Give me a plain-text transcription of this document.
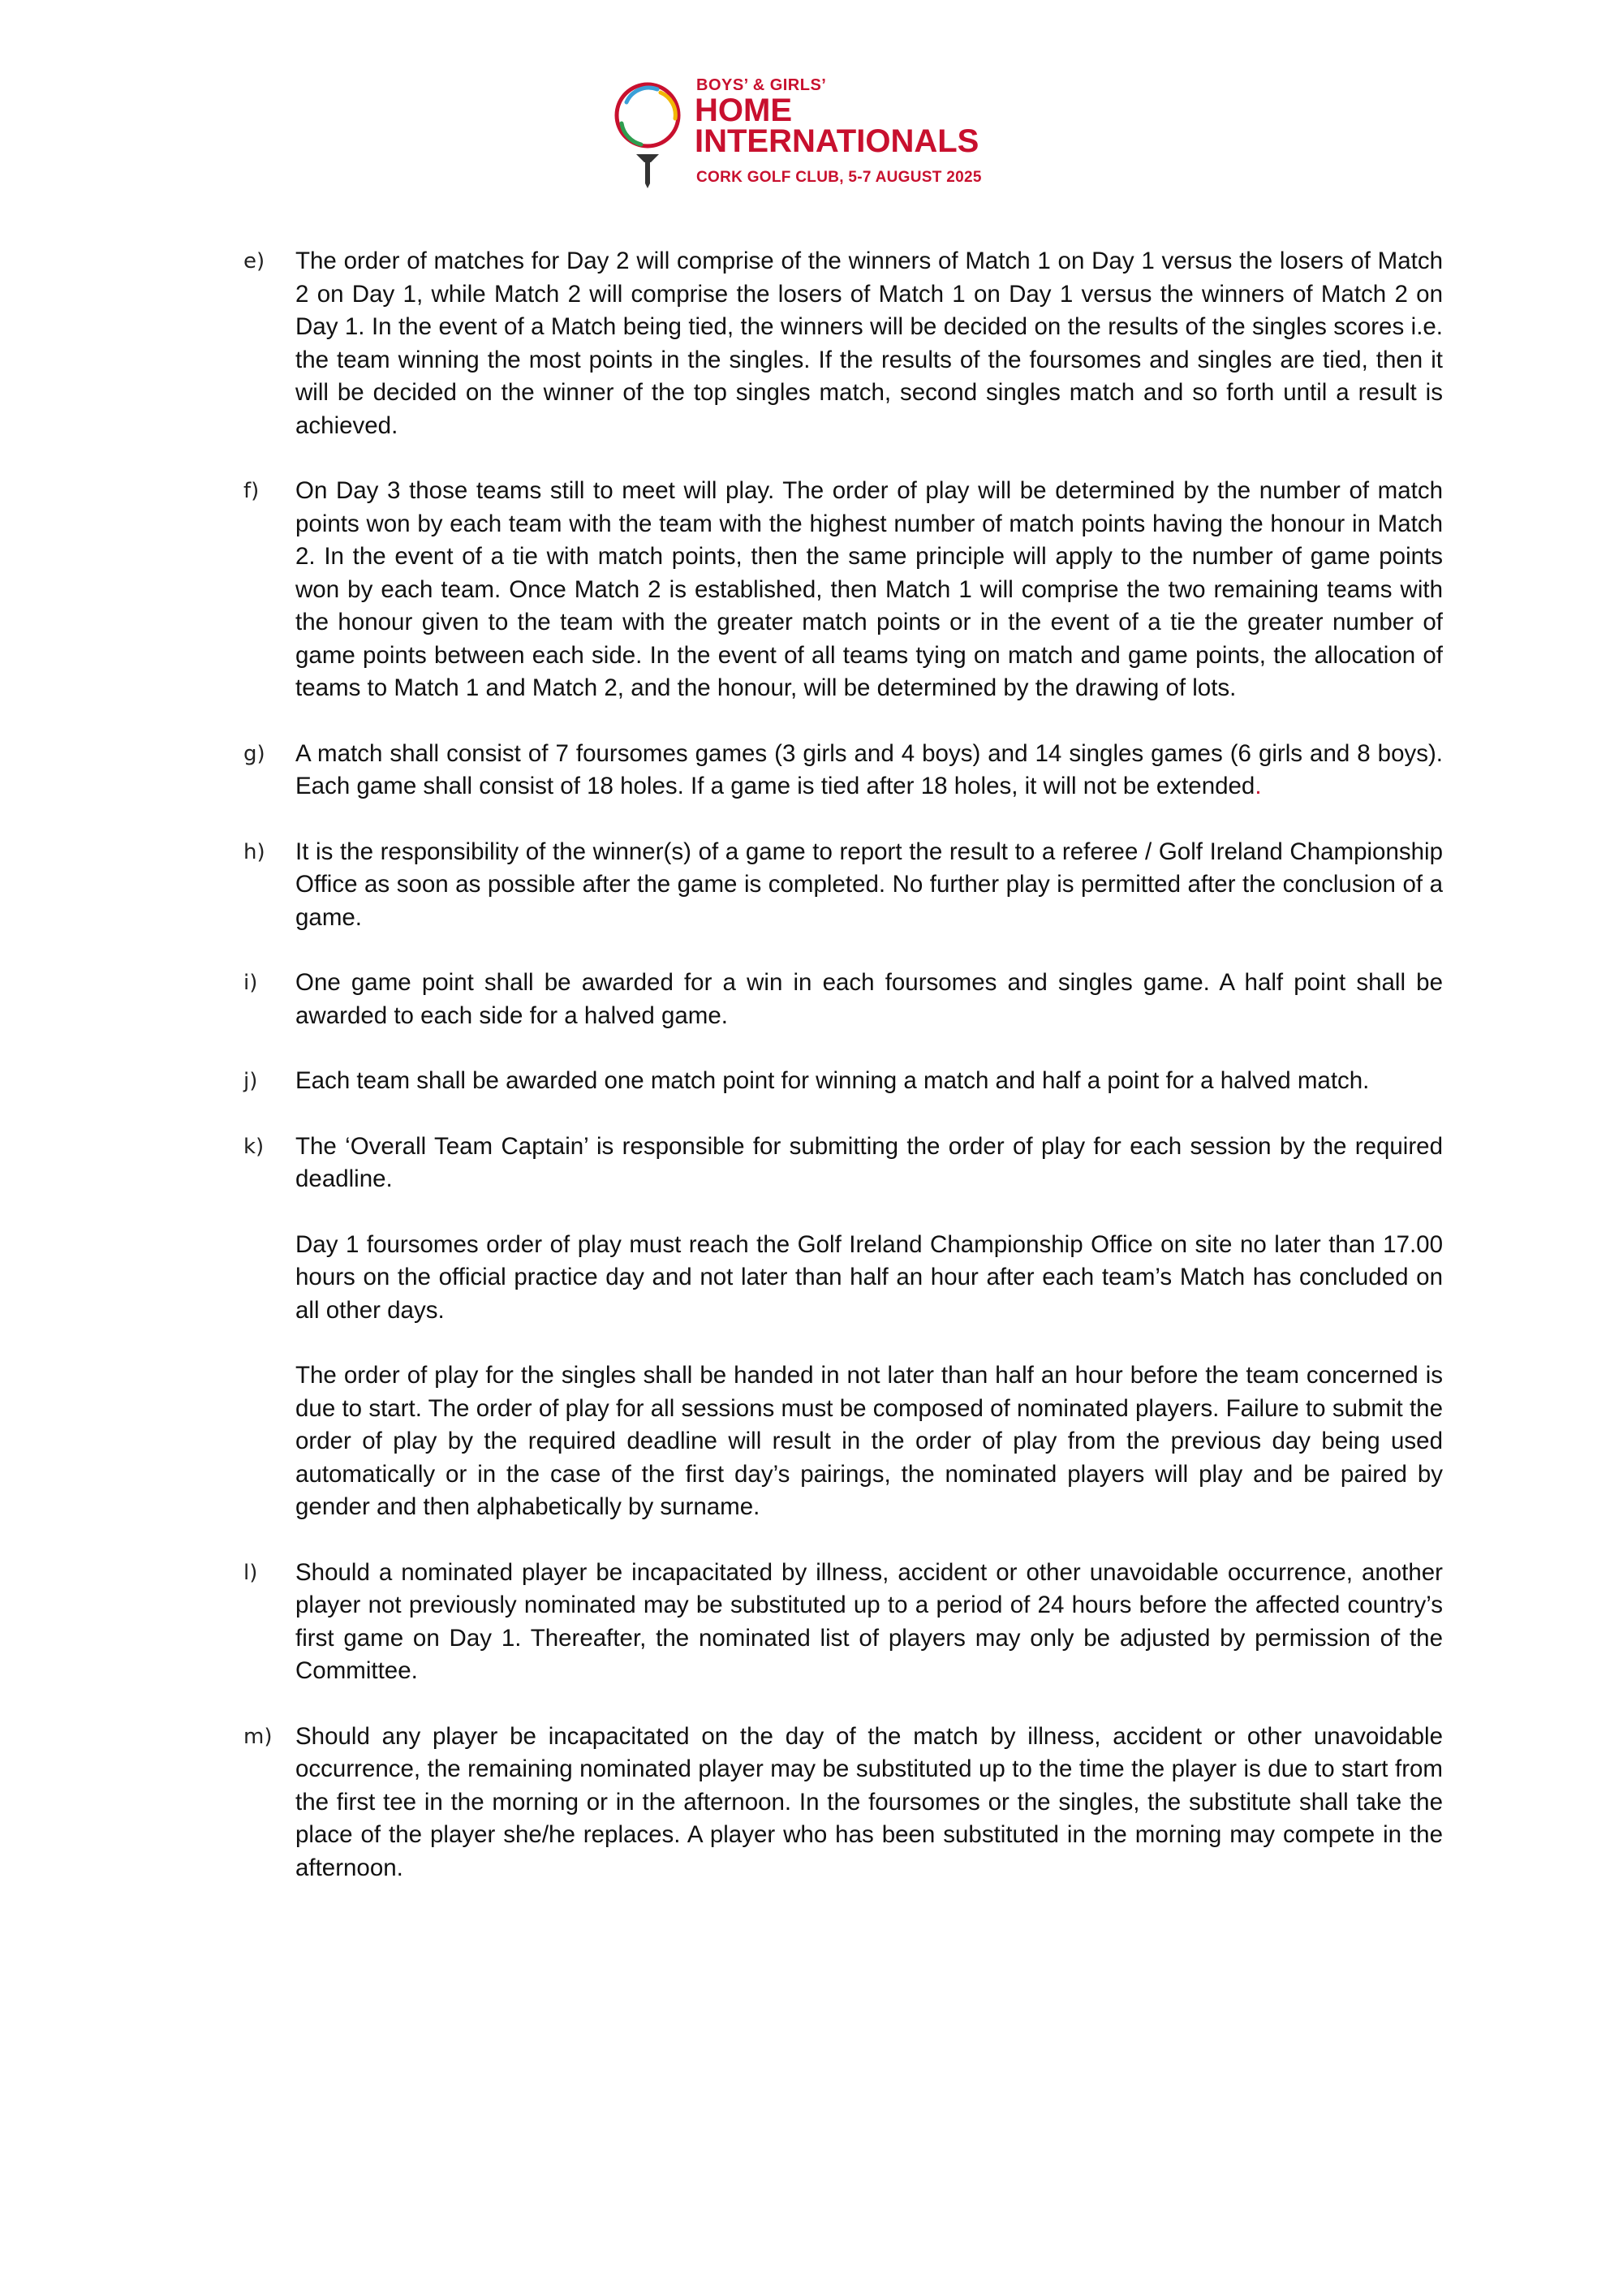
BOYS’ & GIRLS’
HOME
INTERNATIONALS
CORK GOLF CLUB, 5-7 AUGUST 2025
e) The order of matches for Day 2 will comprise of the winners of Match 1 on Day 1 versus the losers of Match 2 on Day 1, while Match 2 will comprise the losers of Match 1 on Day 1 versus the winners of Match 2 on Day 1. In the event of a Match being tied, the winners will be decided on the results of the singles scores i.e. the team winning the most points in the singles. If the results of the foursomes and singles are tied, then it will be decided on the winner of the top singles match, second singles match and so forth until a result is achieved.

f) On Day 3 those teams still to meet will play. The order of play will be determined by the number of match points won by each team with the team with the highest number of match points having the honour in Match 2. In the event of a tie with match points, then the same principle will apply to the number of game points won by each team. Once Match 2 is established, then Match 1 will comprise the two remaining teams with the honour given to the team with the greater match points or in the event of a tie the greater number of game points between each side. In the event of all teams tying on match and game points, the allocation of teams to Match 1 and Match 2, and the honour, will be determined by the drawing of lots.

g) A match shall consist of 7 foursomes games (3 girls and 4 boys) and 14 singles games (6 girls and 8 boys). Each game shall consist of 18 holes. If a game is tied after 18 holes, it will not be extended.

h) It is the responsibility of the winner(s) of a game to report the result to a referee / Golf Ireland Championship Office as soon as possible after the game is completed. No further play is permitted after the conclusion of a game.

i) One game point shall be awarded for a win in each foursomes and singles game. A half point shall be awarded to each side for a halved game.

j) Each team shall be awarded one match point for winning a match and half a point for a halved match.

k) The ‘Overall Team Captain’ is responsible for submitting the order of play for each session by the required deadline.

Day 1 foursomes order of play must reach the Golf Ireland Championship Office on site no later than 17.00 hours on the official practice day and not later than half an hour after each team’s Match has concluded on all other days.

The order of play for the singles shall be handed in not later than half an hour before the team concerned is due to start. The order of play for all sessions must be composed of nominated players. Failure to submit the order of play by the required deadline will result in the order of play from the previous day being used automatically or in the case of the first day’s pairings, the nominated players will play and be paired by gender and then alphabetically by surname.

l) Should a nominated player be incapacitated by illness, accident or other unavoidable occurrence, another player not previously nominated may be substituted up to a period of 24 hours before the affected country’s first game on Day 1. Thereafter, the nominated list of players may only be adjusted by permission of the Committee.

m) Should any player be incapacitated on the day of the match by illness, accident or other unavoidable occurrence, the remaining nominated player may be substituted up to the time the player is due to start from the first tee in the morning or in the afternoon. In the foursomes or the singles, the substitute shall take the place of the player she/he replaces. A player who has been substituted in the morning may compete in the afternoon.
